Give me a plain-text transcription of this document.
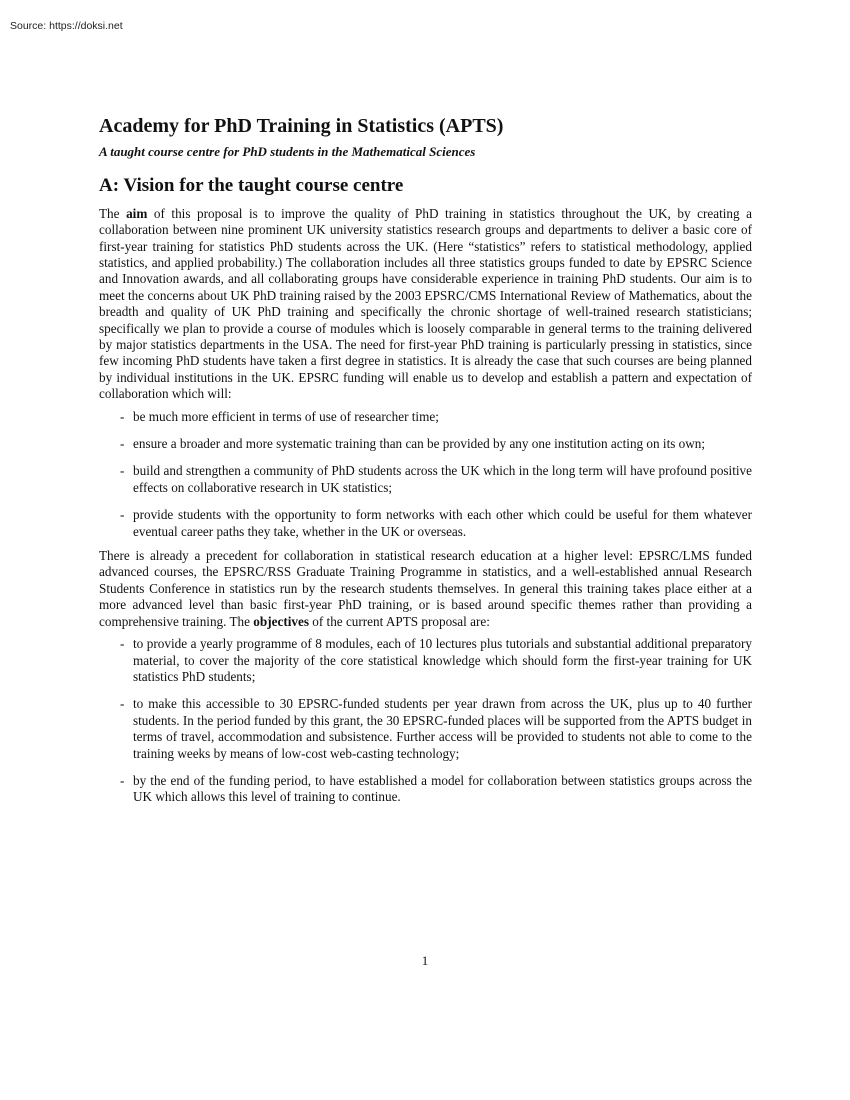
Source: https://doksi.net
Academy for PhD Training in Statistics (APTS)
A taught course centre for PhD students in the Mathematical Sciences
A: Vision for the taught course centre

The aim of this proposal is to improve the quality of PhD training in statistics throughout the UK, by creating a collaboration between nine prominent UK university statistics research groups and departments to deliver a basic core of first-year training for statistics PhD students across the UK. (Here “statistics” refers to statistical methodology, applied statistics, and applied probability.) The collaboration includes all three statistics groups funded to date by EPSRC Science and Innovation awards, and all collaborating groups have considerable experience in training PhD students. Our aim is to meet the concerns about UK PhD training raised by the 2003 EPSRC/CMS International Review of Mathematics, about the breadth and quality of UK PhD training and specifically the chronic shortage of well-trained research statisticians; specifically we plan to provide a course of modules which is loosely comparable in general terms to the training delivered by major statistics departments in the USA. The need for first-year PhD training is particularly pressing in statistics, since few incoming PhD students have taken a first degree in statistics. It is already the case that such courses are being planned by individual institutions in the UK. EPSRC funding will enable us to develop and establish a pattern and expectation of collaboration which will:

- be much more efficient in terms of use of researcher time;
- ensure a broader and more systematic training than can be provided by any one institution acting on its own;
- build and strengthen a community of PhD students across the UK which in the long term will have profound positive effects on collaborative research in UK statistics;
- provide students with the opportunity to form networks with each other which could be useful for them whatever eventual career paths they take, whether in the UK or overseas.

There is already a precedent for collaboration in statistical research education at a higher level: EPSRC/LMS funded advanced courses, the EPSRC/RSS Graduate Training Programme in statistics, and a well-established annual Research Students Conference in statistics run by the research students themselves. In general this training takes place either at a more advanced level than basic first-year PhD training, or is based around specific themes rather than providing a comprehensive training. The objectives of the current APTS proposal are:

- to provide a yearly programme of 8 modules, each of 10 lectures plus tutorials and substantial additional preparatory material, to cover the majority of the core statistical knowledge which should form the first-year training for UK statistics PhD students;
- to make this accessible to 30 EPSRC-funded students per year drawn from across the UK, plus up to 40 further students. In the period funded by this grant, the 30 EPSRC-funded places will be supported from the APTS budget in terms of travel, accommodation and subsistence. Further access will be provided to students not able to come to the training weeks by means of low-cost web-casting technology;
- by the end of the funding period, to have established a model for collaboration between statistics groups across the UK which allows this level of training to continue.
1
